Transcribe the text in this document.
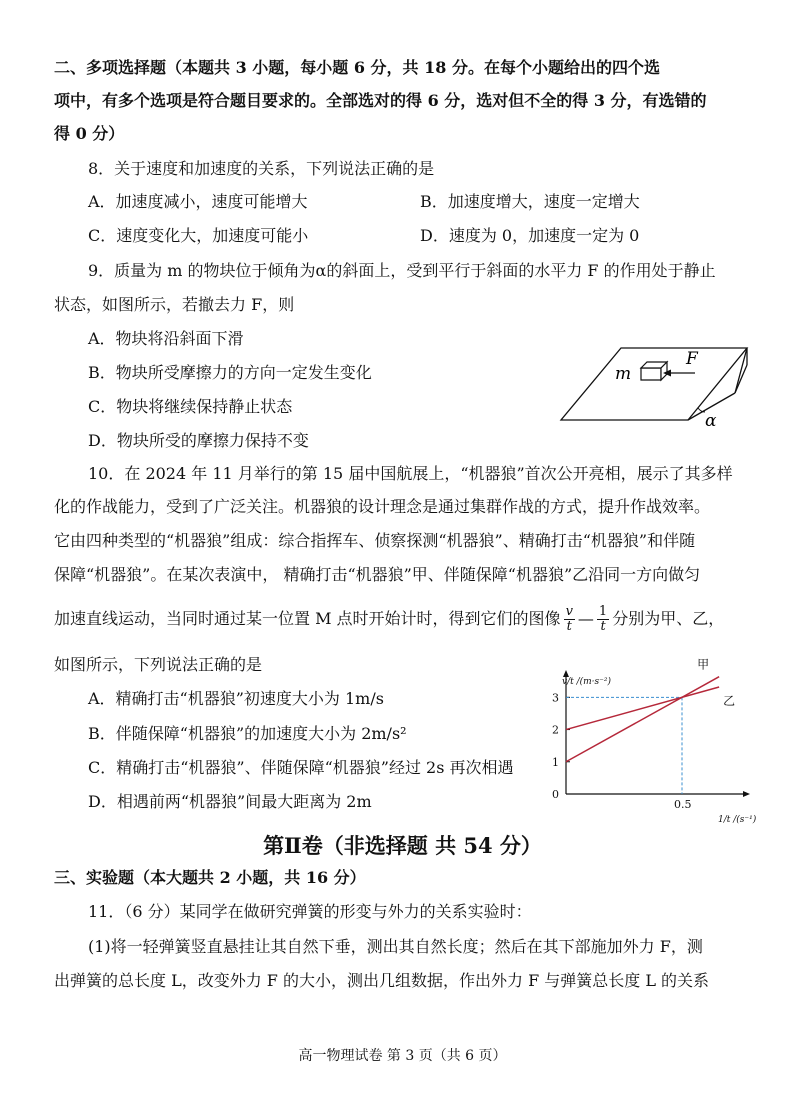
二、多项选择题（本题共 3 小题，每小题 6 分，共 18 分。在每个小题给出的四个选
项中，有多个选项是符合题目要求的。全部选对的得 6 分，选对但不全的得 3 分，有选错的
得 0 分）
8．关于速度和加速度的关系，下列说法正确的是
A．加速度减小，速度可能增大	B．加速度增大，速度一定增大
C．速度变化大，加速度可能小	D．速度为 0，加速度一定为 0
9．质量为 m 的物块位于倾角为α的斜面上，受到平行于斜面的水平力 F 的作用处于静止
状态，如图所示，若撤去力 F，则
A．物块将沿斜面下滑
B．物块所受摩擦力的方向一定发生变化
C．物块将继续保持静止状态
D．物块所受的摩擦力保持不变
m
F
α
10．在 2024 年 11 月举行的第 15 届中国航展上，“机器狼”首次公开亮相，展示了其多样
化的作战能力，受到了广泛关注。机器狼的设计理念是通过集群作战的方式，提升作战效率。
它由四种类型的“机器狼”组成：综合指挥车、侦察探测“机器狼”、精确打击“机器狼”和伴随
保障“机器狼”。在某次表演中， 精确打击“机器狼”甲、伴随保障“机器狼”乙沿同一方向做匀
加速直线运动，当同时通过某一位置 M 点时开始计时，得到它们的图像 $\frac{v}{t}$ — $\frac{1}{t}$ 分别为甲、乙，
如图所示，下列说法正确的是
A．精确打击“机器狼”初速度大小为 1m/s
B．伴随保障“机器狼”的加速度大小为 2m/s²
C．精确打击“机器狼”、伴随保障“机器狼”经过 2s 再次相遇
D．相遇前两“机器狼”间最大距离为 2m
1
2
3
0
0.5
甲
乙
v/t /(m·s⁻²)
1/t /(s⁻¹)
第Ⅱ卷（非选择题 共 54 分）
三、实验题（本大题共 2 小题，共 16 分）
11．（6 分）某同学在做研究弹簧的形变与外力的关系实验时：
(1)将一轻弹簧竖直悬挂让其自然下垂，测出其自然长度；然后在其下部施加外力 F，测
出弹簧的总长度 L，改变外力 F 的大小，测出几组数据，作出外力 F 与弹簧总长度 L 的关系
高一物理试卷 第 3 页（共 6 页）
